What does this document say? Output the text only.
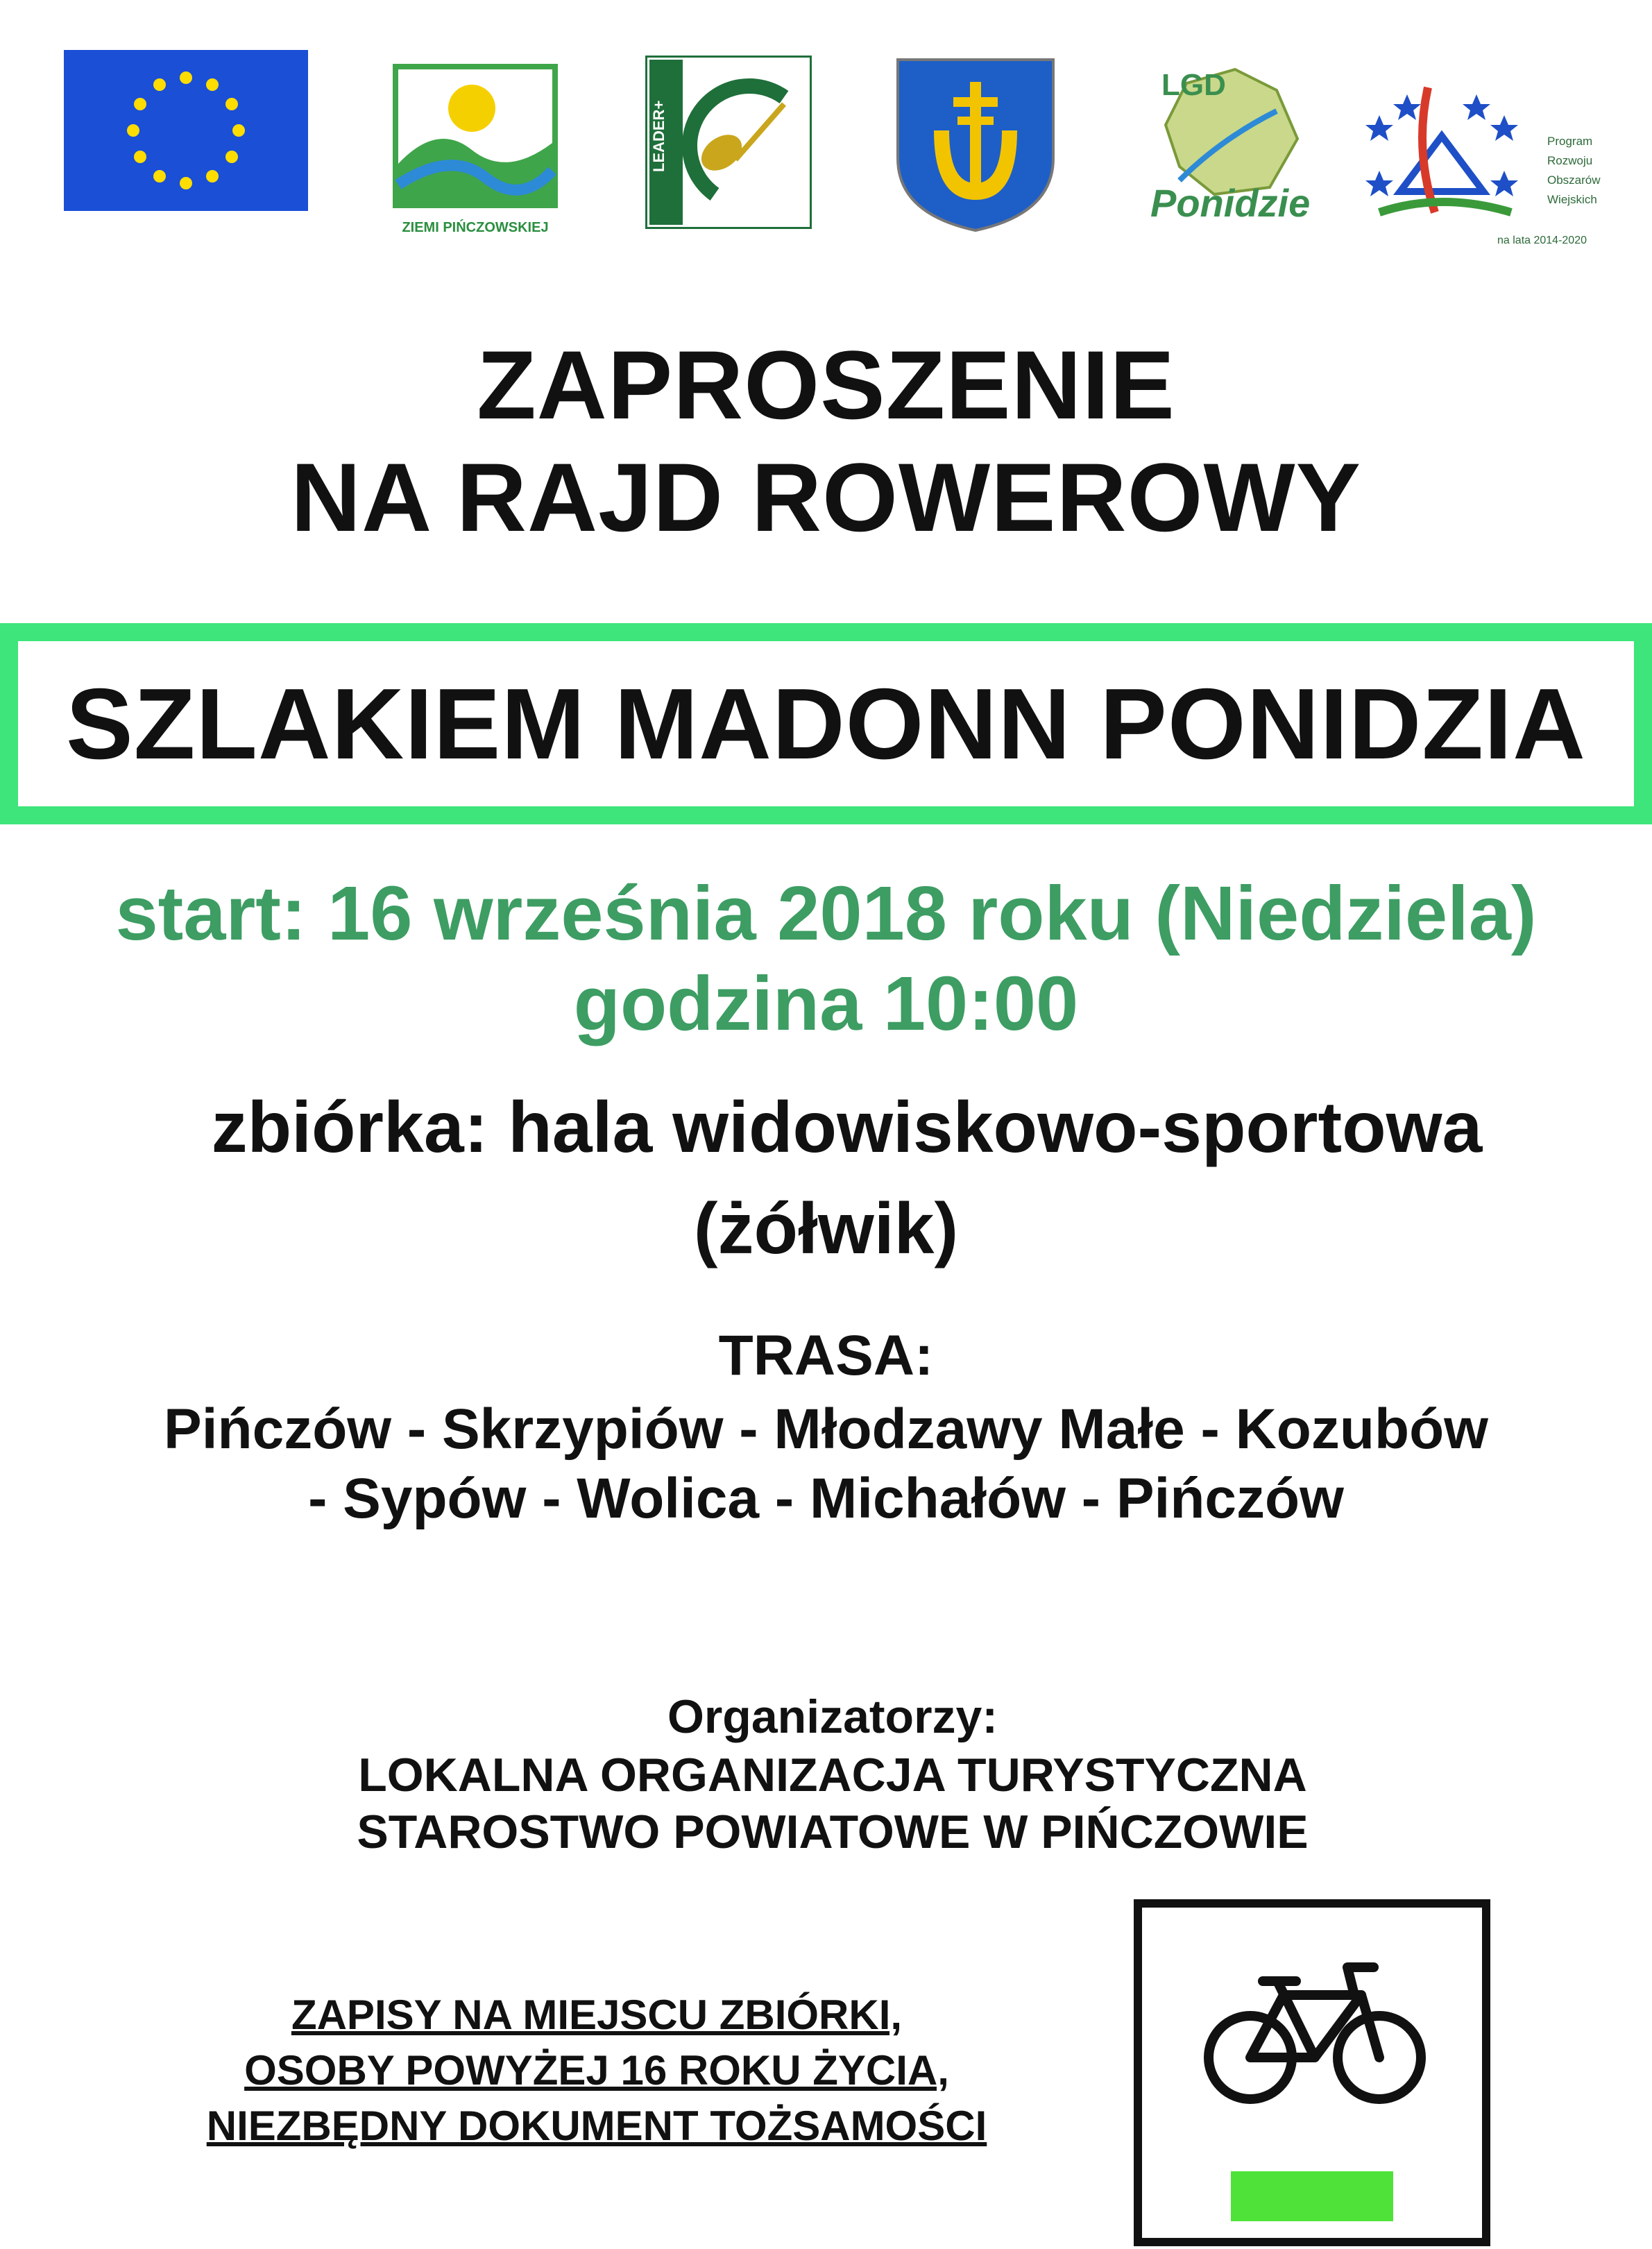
ZIEMI PIŃCZOWSKIEJ
LEADER+
LGD
Ponidzie
Program
Rozwoju
Obszarów
Wiejskich
na lata 2014-2020
ZAPROSZENIE
NA RAJD ROWEROWY
SZLAKIEM MADONN PONIDZIA
start: 16 września 2018 roku (Niedziela)
godzina 10:00
zbiórka: hala widowiskowo-sportowa
(żółwik)
TRASA:
Pińczów - Skrzypiów - Młodzawy Małe - Kozubów
- Sypów - Wolica - Michałów - Pińczów
Organizatorzy:
LOKALNA ORGANIZACJA TURYSTYCZNA
STAROSTWO POWIATOWE W PIŃCZOWIE
ZAPISY NA MIEJSCU ZBIÓRKI,
OSOBY POWYŻEJ 16 ROKU ŻYCIA,
NIEZBĘDNY DOKUMENT TOŻSAMOŚCI
